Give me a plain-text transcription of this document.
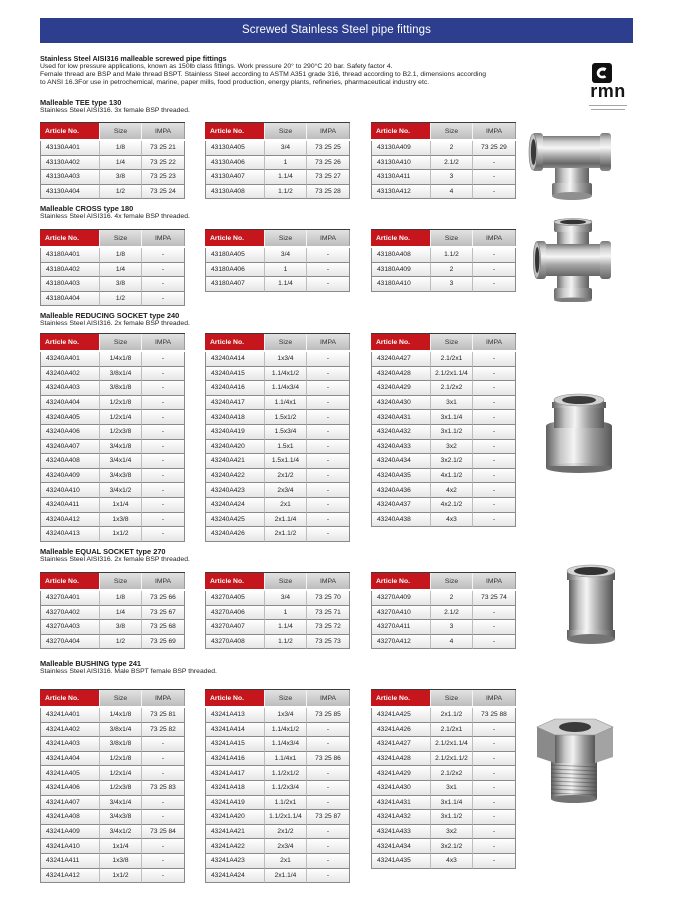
Screwed Stainless Steel pipe fittings
Stainless Steel AISI316 malleable screwed pipe fittings
Used for low pressure applications, known as 150lb class fittings. Work pressure 20° to 290°C 20 bar. Safety factor 4.
Female thread are BSP and Male thread BSPT. Stainless Steel according to ASTM A351 grade 316, thread according to B2.1, dimensions according
to ANSI 16.3For use in petrochemical, marine, paper mills, food production, energy plants, refineries, pharmaceutical industry etc.	rmn
Malleable TEE type 130
Stainless Steel AISI316. 3x female BSP threaded.
Article No.	Size	IMPA
43130A401	1/8	73 25 21
43130A402	1/4	73 25 22
43130A403	3/8	73 25 23
43130A404	1/2	73 25 24
Article No.	Size	IMPA
43130A405	3/4	73 25 25
43130A406	1	73 25 26
43130A407	1.1/4	73 25 27
43130A408	1.1/2	73 25 28
Article No.	Size	IMPA
43130A409	2	73 25 29
43130A410	2.1/2	-
43130A411	3	-
43130A412	4	-
Malleable CROSS type 180
Stainless Steel AISI316. 4x female BSP threaded.
Article No.	Size	IMPA
43180A401	1/8	-
43180A402	1/4	-
43180A403	3/8	-
43180A404	1/2	-
Article No.	Size	IMPA
43180A405	3/4	-
43180A406	1	-
43180A407	1.1/4	-
Article No.	Size	IMPA
43180A408	1.1/2	-
43180A409	2	-
43180A410	3	-
Malleable REDUCING SOCKET type 240
Stainless Steel AISI316. 2x female BSP threaded.
Article No.	Size	IMPA
43240A401	1/4x1/8	-
43240A402	3/8x1/4	-
43240A403	3/8x1/8	-
43240A404	1/2x1/8	-
43240A405	1/2x1/4	-
43240A406	1/2x3/8	-
43240A407	3/4x1/8	-
43240A408	3/4x1/4	-
43240A409	3/4x3/8	-
43240A410	3/4x1/2	-
43240A411	1x1/4	-
43240A412	1x3/8	-
43240A413	1x1/2	-
Article No.	Size	IMPA
43240A414	1x3/4	-
43240A415	1.1/4x1/2	-
43240A416	1.1/4x3/4	-
43240A417	1.1/4x1	-
43240A418	1.5x1/2	-
43240A419	1.5x3/4	-
43240A420	1.5x1	-
43240A421	1.5x1.1/4	-
43240A422	2x1/2	-
43240A423	2x3/4	-
43240A424	2x1	-
43240A425	2x1.1/4	-
43240A426	2x1.1/2	-
Article No.	Size	IMPA
43240A427	2.1/2x1	-
43240A428	2.1/2x1.1/4	-
43240A429	2.1/2x2	-
43240A430	3x1	-
43240A431	3x1.1/4	-
43240A432	3x1.1/2	-
43240A433	3x2	-
43240A434	3x2.1/2	-
43240A435	4x1.1/2	-
43240A436	4x2	-
43240A437	4x2.1/2	-
43240A438	4x3	-
Malleable EQUAL SOCKET type 270
Stainless Steel AISI316. 2x female BSP threaded.
Article No.	Size	IMPA
43270A401	1/8	73 25 66
43270A402	1/4	73 25 67
43270A403	3/8	73 25 68
43270A404	1/2	73 25 69
Article No.	Size	IMPA
43270A405	3/4	73 25 70
43270A406	1	73 25 71
43270A407	1.1/4	73 25 72
43270A408	1.1/2	73 25 73
Article No.	Size	IMPA
43270A409	2	73 25 74
43270A410	2.1/2	-
43270A411	3	-
43270A412	4	-
Malleable BUSHING type 241
Stainless Steel AISI316. Male BSPT female BSP threaded.
Article No.	Size	IMPA
43241A401	1/4x1/8	73 25 81
43241A402	3/8x1/4	73 25 82
43241A403	3/8x1/8	-
43241A404	1/2x1/8	-
43241A405	1/2x1/4	-
43241A406	1/2x3/8	73 25 83
43241A407	3/4x1/4	-
43241A408	3/4x3/8	-
43241A409	3/4x1/2	73 25 84
43241A410	1x1/4	-
43241A411	1x3/8	-
43241A412	1x1/2	-
Article No.	Size	IMPA
43241A413	1x3/4	73 25 85
43241A414	1.1/4x1/2	-
43241A415	1.1/4x3/4	-
43241A416	1.1/4x1	73 25 86
43241A417	1.1/2x1/2	-
43241A418	1.1/2x3/4	-
43241A419	1.1/2x1	-
43241A420	1.1/2x1.1/4	73 25 87
43241A421	2x1/2	-
43241A422	2x3/4	-
43241A423	2x1	-
43241A424	2x1.1/4	-
Article No.	Size	IMPA
43241A425	2x1.1/2	73 25 88
43241A426	2.1/2x1	-
43241A427	2.1/2x1.1/4	-
43241A428	2.1/2x1.1/2	-
43241A429	2.1/2x2	-
43241A430	3x1	-
43241A431	3x1.1/4	-
43241A432	3x1.1/2	-
43241A433	3x2	-
43241A434	3x2.1/2	-
43241A435	4x3	-
